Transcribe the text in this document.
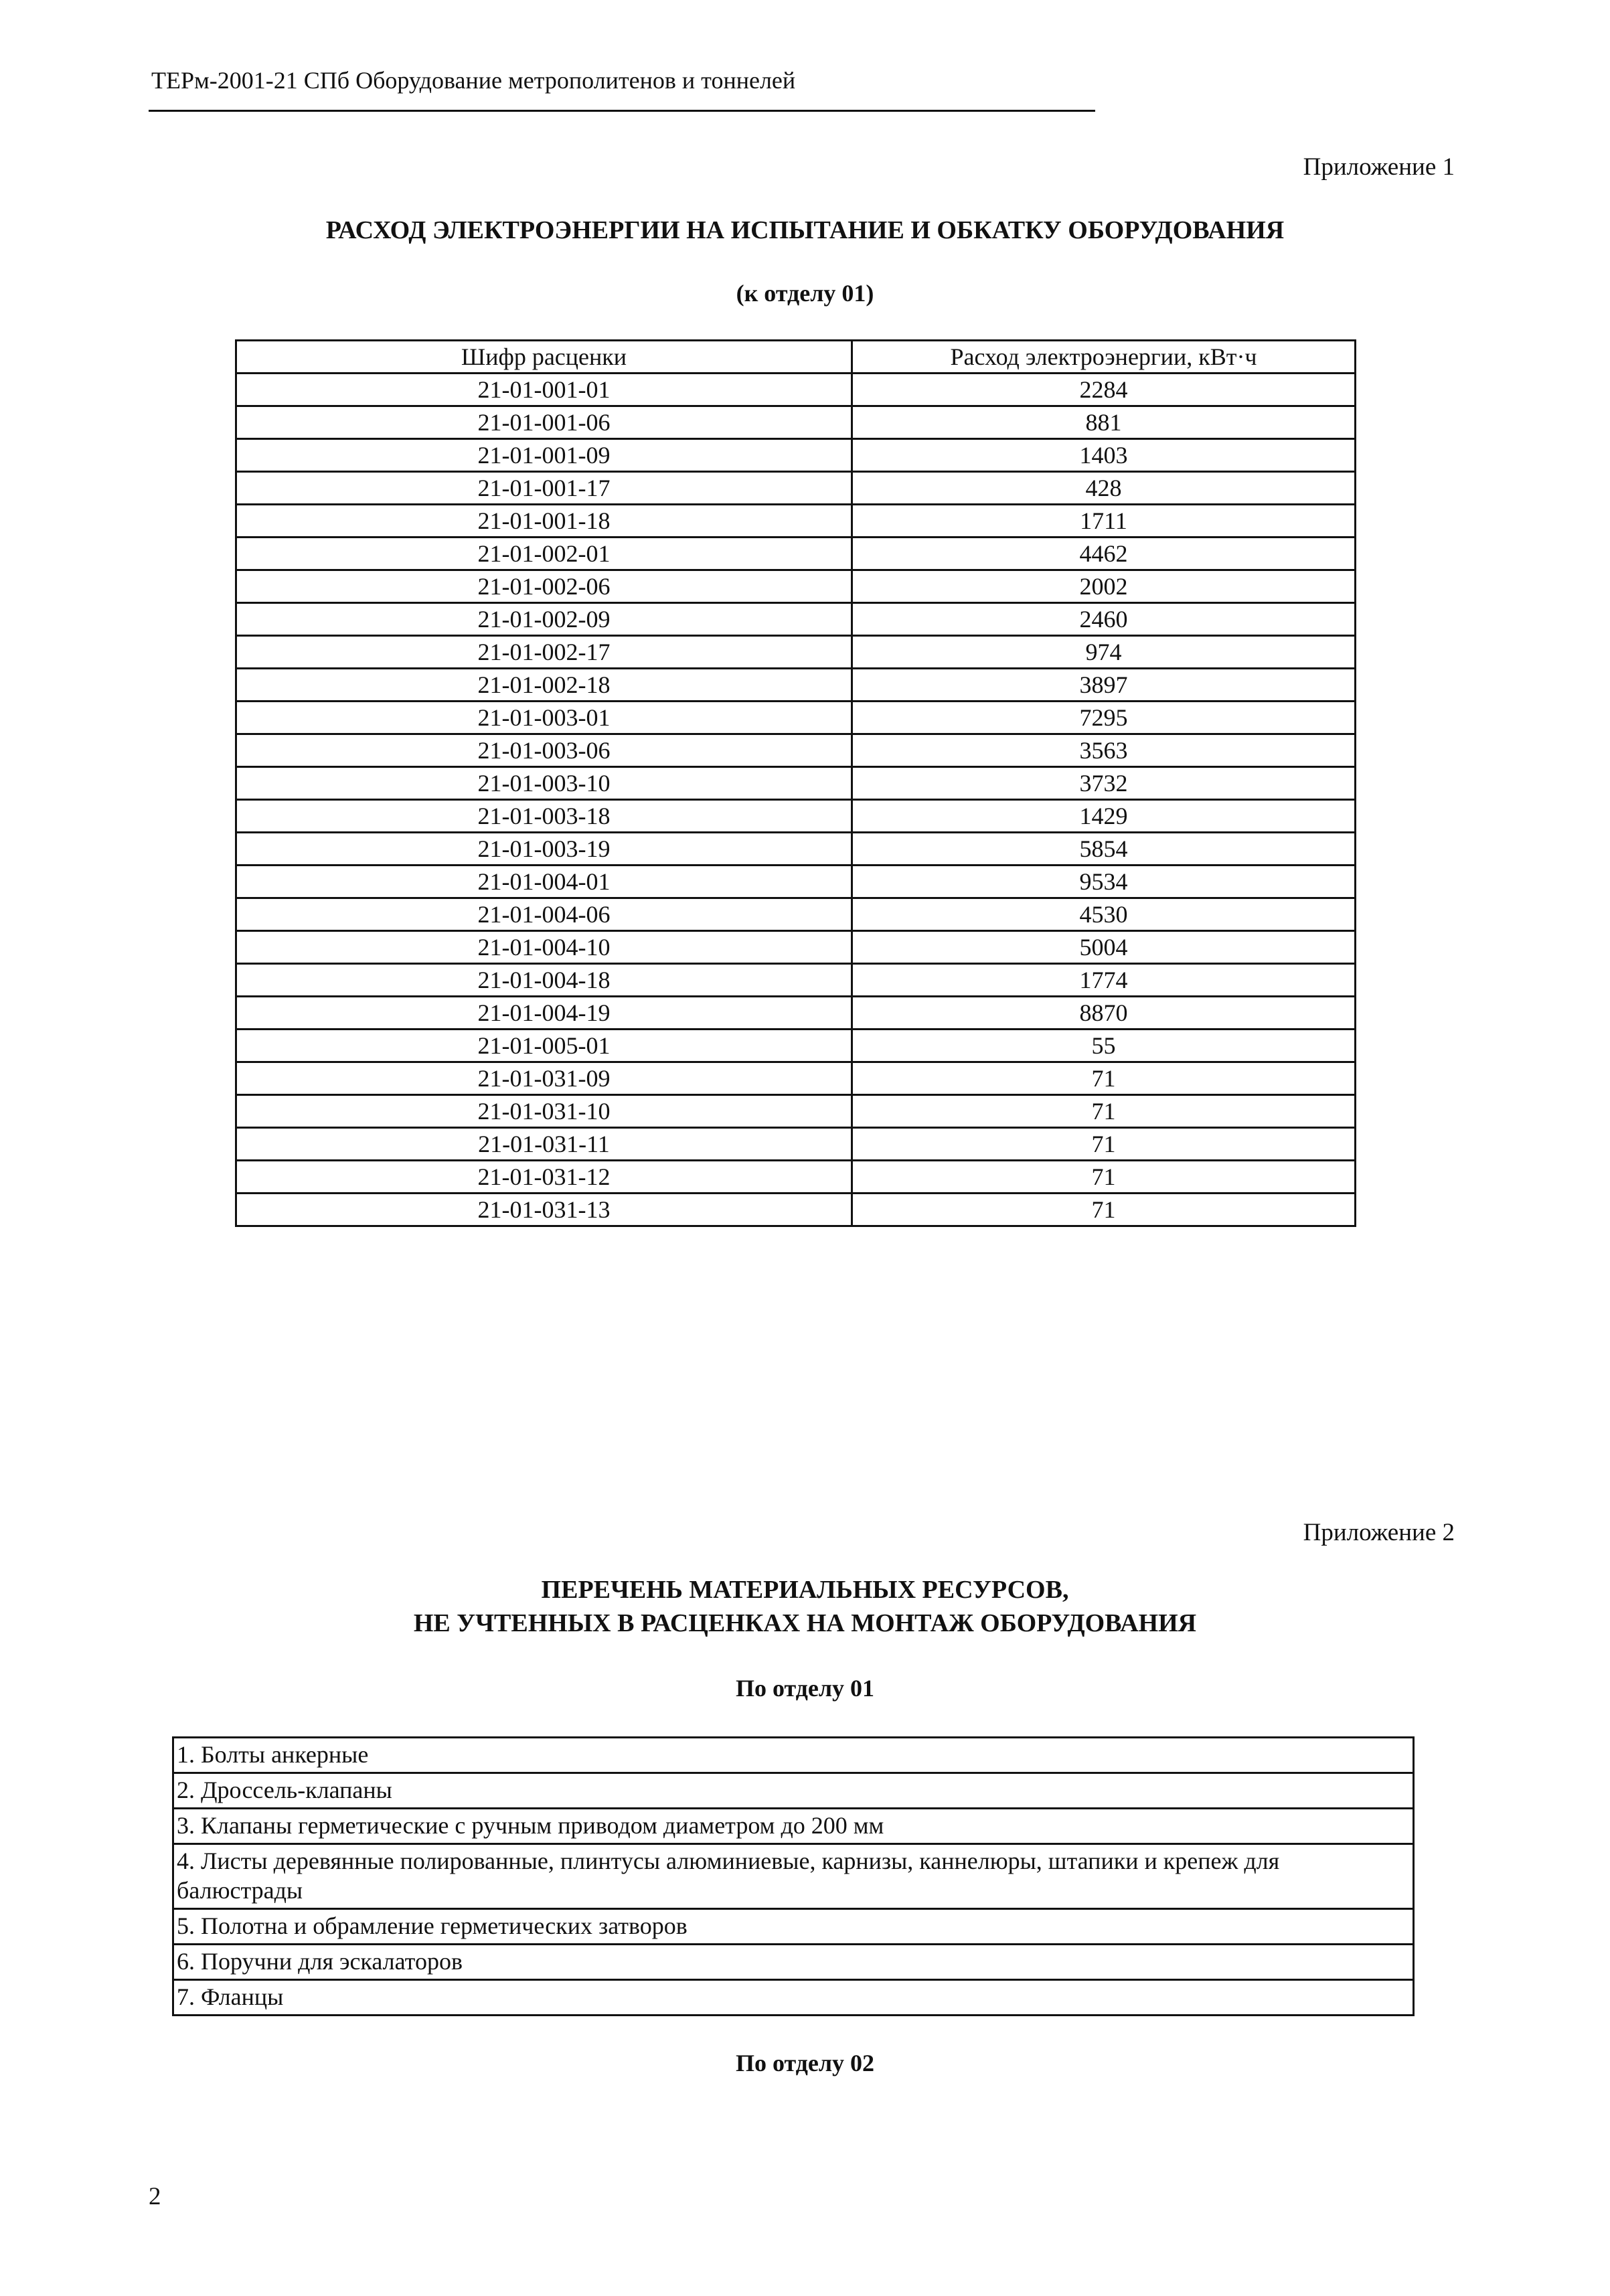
ТЕРм-2001-21 СПб Оборудование метрополитенов и тоннелей
Приложение 1
РАСХОД ЭЛЕКТРОЭНЕРГИИ НА ИСПЫТАНИЕ И ОБКАТКУ ОБОРУДОВАНИЯ
(к отделу 01)
Шифр расценки	Расход электроэнергии, кВт·ч
21-01-001-01	2284
21-01-001-06	881
21-01-001-09	1403
21-01-001-17	428
21-01-001-18	1711
21-01-002-01	4462
21-01-002-06	2002
21-01-002-09	2460
21-01-002-17	974
21-01-002-18	3897
21-01-003-01	7295
21-01-003-06	3563
21-01-003-10	3732
21-01-003-18	1429
21-01-003-19	5854
21-01-004-01	9534
21-01-004-06	4530
21-01-004-10	5004
21-01-004-18	1774
21-01-004-19	8870
21-01-005-01	55
21-01-031-09	71
21-01-031-10	71
21-01-031-11	71
21-01-031-12	71
21-01-031-13	71
Приложение 2
ПЕРЕЧЕНЬ МАТЕРИАЛЬНЫХ РЕСУРСОВ,
НЕ УЧТЕННЫХ В РАСЦЕНКАХ НА МОНТАЖ ОБОРУДОВАНИЯ
По отделу 01
1. Болты анкерные
2. Дроссель-клапаны
3. Клапаны герметические с ручным приводом диаметром до 200 мм
4. Листы деревянные полированные, плинтусы алюминиевые, карнизы, каннелюры, штапики и крепеж для балюстрады
5. Полотна и обрамление герметических затворов
6. Поручни для эскалаторов
7. Фланцы
По отделу 02
2
